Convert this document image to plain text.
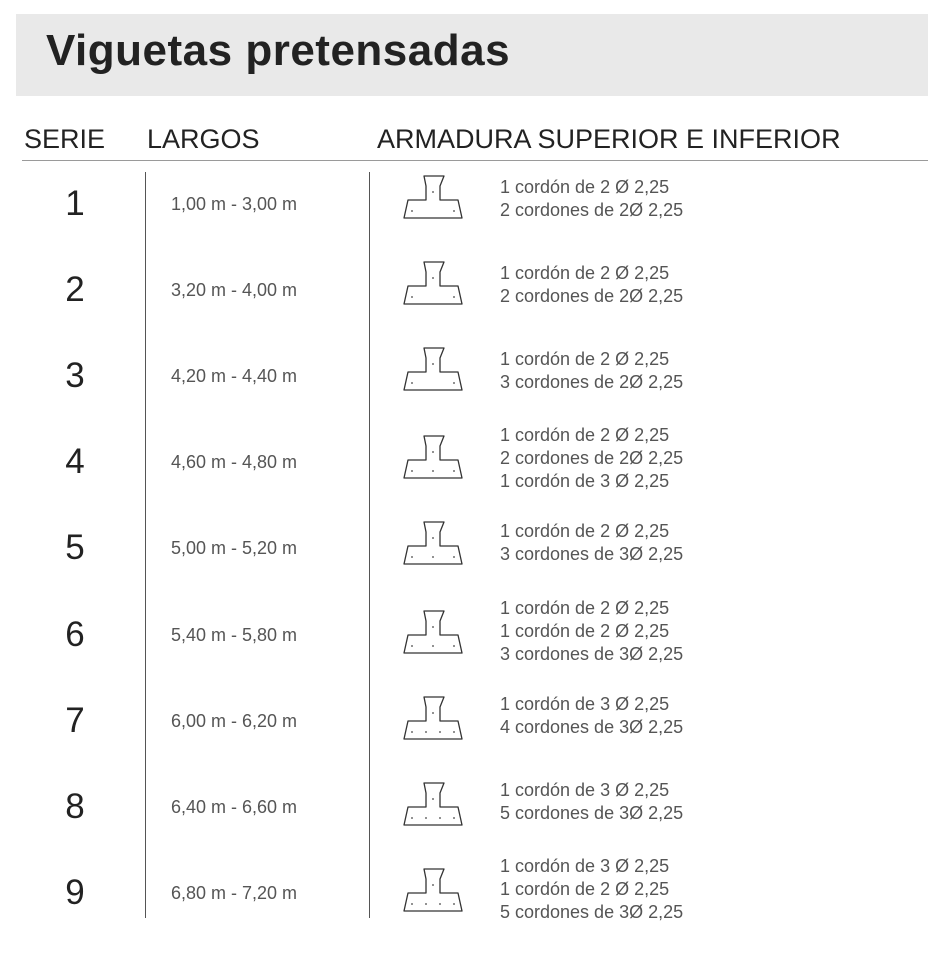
Viguetas pretensadas
SERIE LARGOS	ARMADURA SUPERIOR E INFERIOR
1	1,00 m - 3,00 m
1 cordón de 2 Ø 2,25
2 cordones de 2Ø 2,25
2	3,20 m - 4,00 m
1 cordón de 2 Ø 2,25
2 cordones de 2Ø 2,25
3	4,20 m - 4,40 m
1 cordón de 2 Ø 2,25
3 cordones de 2Ø 2,25
4	4,60 m - 4,80 m
1 cordón de 2 Ø 2,25
2 cordones de 2Ø 2,25
1 cordón de 3 Ø 2,25
5	5,00 m - 5,20 m
1 cordón de 2 Ø 2,25
3 cordones de 3Ø 2,25
6	5,40 m - 5,80 m
1 cordón de 2 Ø 2,25
1 cordón de 2 Ø 2,25
3 cordones de 3Ø 2,25
7	6,00 m - 6,20 m
1 cordón de 3 Ø 2,25
4 cordones de 3Ø 2,25
8	6,40 m - 6,60 m
1 cordón de 3 Ø 2,25
5 cordones de 3Ø 2,25
9	6,80 m - 7,20 m
1 cordón de 3 Ø 2,25
1 cordón de 2 Ø 2,25
5 cordones de 3Ø 2,25
